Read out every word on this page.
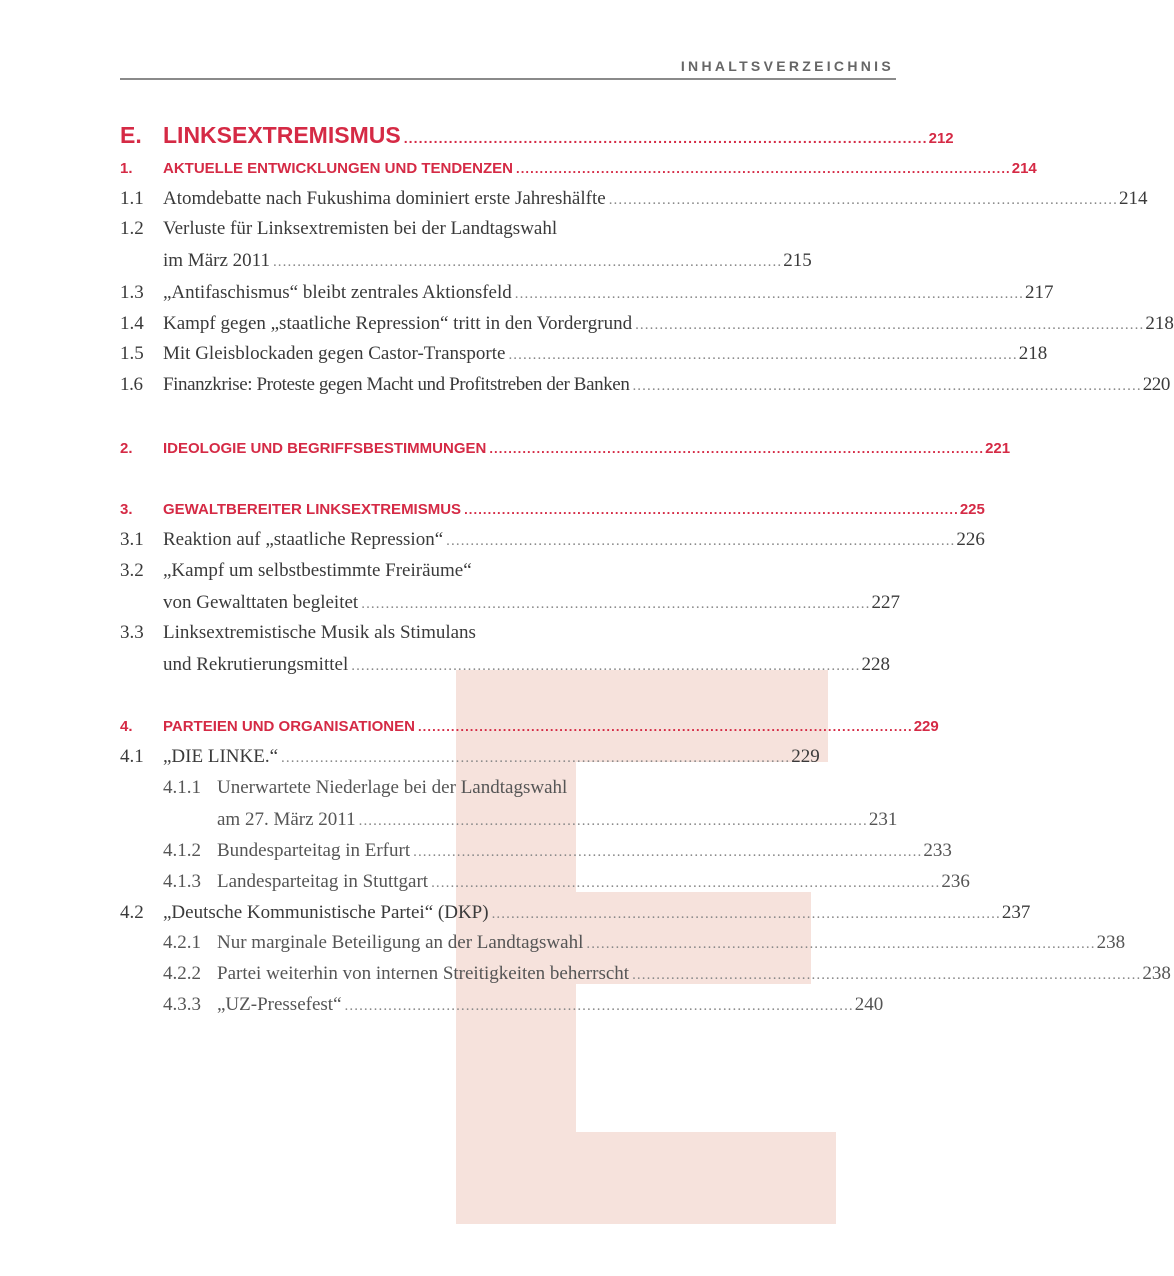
INHALTSVERZEICHNIS
E. LINKSEXTREMISMUS ......................................................................................................... 212
1. AKTUELLE ENTWICKLUNGEN UND TENDENZEN ......................................................................................................... 214
1.1 Atomdebatte nach Fukushima dominiert erste Jahreshälfte ......................................................................................................... 214
1.2 Verluste für Linksextremisten bei der Landtagswahl
im März 2011 ......................................................................................................... 215
1.3 „Antifaschismus“ bleibt zentrales Aktionsfeld ......................................................................................................... 217
1.4 Kampf gegen „staatliche Repression“ tritt in den Vordergrund ......................................................................................................... 218
1.5 Mit Gleisblockaden gegen Castor-Transporte ......................................................................................................... 218
1.6 Finanzkrise: Proteste gegen Macht und Profitstreben der Banken ......................................................................................................... 220
2. IDEOLOGIE UND BEGRIFFSBESTIMMUNGEN ......................................................................................................... 221
3. GEWALTBEREITER LINKSEXTREMISMUS ......................................................................................................... 225
3.1 Reaktion auf „staatliche Repression“ ......................................................................................................... 226
3.2 „Kampf um selbstbestimmte Freiräume“
von Gewalttaten begleitet ......................................................................................................... 227
3.3 Linksextremistische Musik als Stimulans
und Rekrutierungsmittel ......................................................................................................... 228
4. PARTEIEN UND ORGANISATIONEN ......................................................................................................... 229
4.1 „DIE LINKE.“ ......................................................................................................... 229
4.1.1 Unerwartete Niederlage bei der Landtagswahl
am 27. März 2011 ......................................................................................................... 231
4.1.2 Bundesparteitag in Erfurt ......................................................................................................... 233
4.1.3 Landesparteitag in Stuttgart ......................................................................................................... 236
4.2 „Deutsche Kommunistische Partei“ (DKP) ......................................................................................................... 237
4.2.1 Nur marginale Beteiligung an der Landtagswahl ......................................................................................................... 238
4.2.2 Partei weiterhin von internen Streitigkeiten beherrscht ......................................................................................................... 238
4.3.3 „UZ-Pressefest“ ......................................................................................................... 240
